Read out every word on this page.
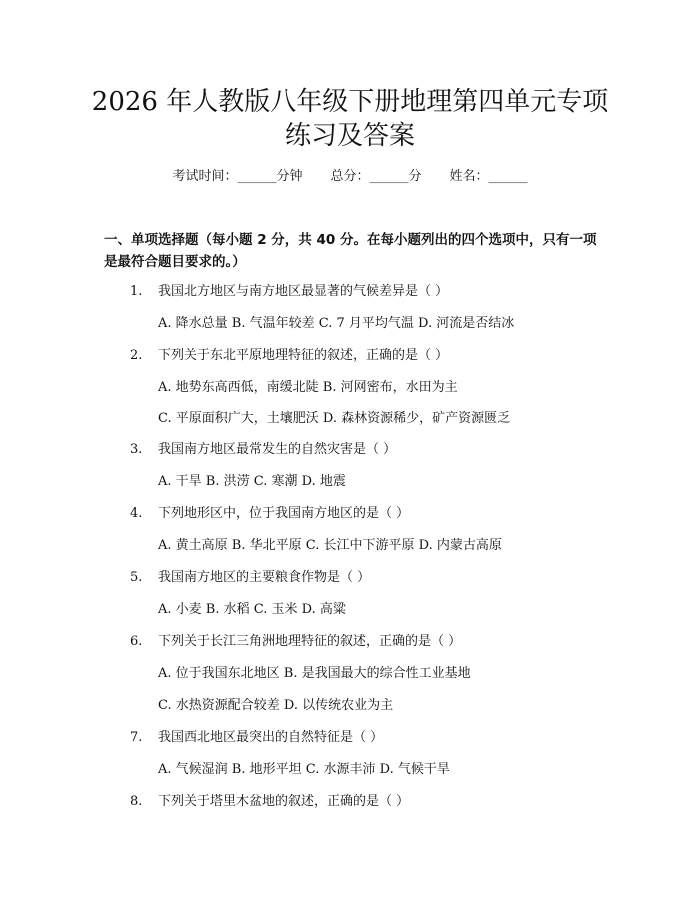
2026 年人教版八年级下册地理第四单元专项
练习及答案
考试时间：______分钟 总分：______分 姓名：______
一、单项选择题（每小题 2 分，共 40 分。在每小题列出的四个选项中，只有一项
是最符合题目要求的。）
1. 我国北方地区与南方地区最显著的气候差异是（ ）
A. 降水总量 B. 气温年较差 C. 7 月平均气温 D. 河流是否结冰
2. 下列关于东北平原地理特征的叙述，正确的是（ ）
A. 地势东高西低，南缓北陡 B. 河网密布，水田为主
C. 平原面积广大，土壤肥沃 D. 森林资源稀少，矿产资源匮乏
3. 我国南方地区最常发生的自然灾害是（ ）
A. 干旱 B. 洪涝 C. 寒潮 D. 地震
4. 下列地形区中，位于我国南方地区的是（ ）
A. 黄土高原 B. 华北平原 C. 长江中下游平原 D. 内蒙古高原
5. 我国南方地区的主要粮食作物是（ ）
A. 小麦 B. 水稻 C. 玉米 D. 高粱
6. 下列关于长江三角洲地理特征的叙述，正确的是（ ）
A. 位于我国东北地区 B. 是我国最大的综合性工业基地
C. 水热资源配合较差 D. 以传统农业为主
7. 我国西北地区最突出的自然特征是（ ）
A. 气候湿润 B. 地形平坦 C. 水源丰沛 D. 气候干旱
8. 下列关于塔里木盆地的叙述，正确的是（ ）
